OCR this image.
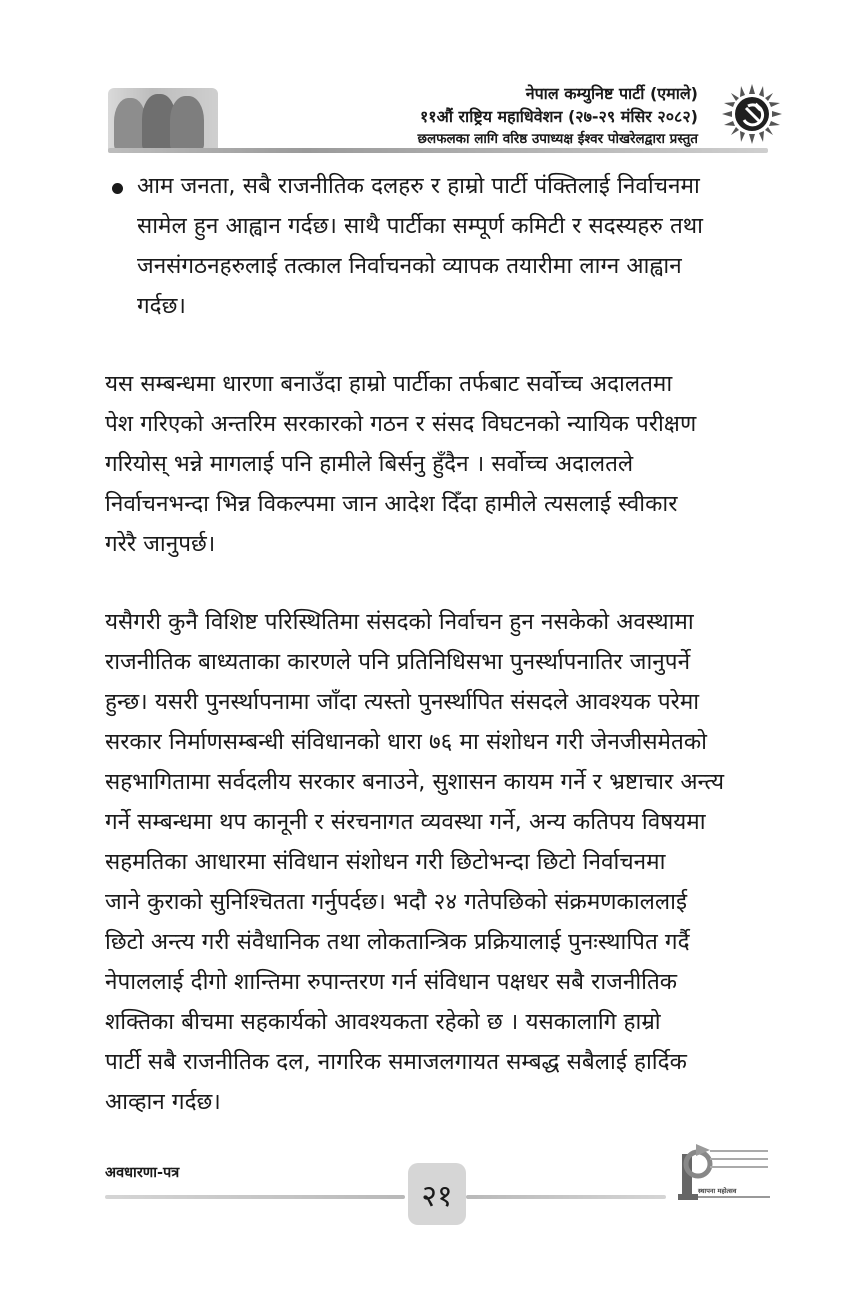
नेपाल कम्युनिष्ट पार्टी (एमाले)
११औं राष्ट्रिय महाधिवेशन (२७-२९ मंसिर २०८२)
छलफलका लागि वरिष्ठ उपाध्यक्ष ईश्वर पोखरेलद्वारा प्रस्तुत
आम जनता, सबै राजनीतिक दलहरु र हाम्रो पार्टी पंक्तिलाई निर्वाचनमा
सामेल हुन आह्वान गर्दछ। साथै पार्टीका सम्पूर्ण कमिटी र सदस्यहरु तथा
जनसंगठनहरुलाई तत्काल निर्वाचनको व्यापक तयारीमा लाग्न आह्वान
गर्दछ।
यस सम्बन्धमा धारणा बनाउँदा हाम्रो पार्टीका तर्फबाट सर्वोच्च अदालतमा
पेश गरिएको अन्तरिम सरकारको गठन र संसद विघटनको न्यायिक परीक्षण
गरियोस् भन्ने मागलाई पनि हामीले बिर्सनु हुँदैन । सर्वोच्च अदालतले
निर्वाचनभन्दा भिन्न विकल्पमा जान आदेश दिँदा हामीले त्यसलाई स्वीकार
गरेरै जानुपर्छ।
यसैगरी कुनै विशिष्ट परिस्थितिमा संसदको निर्वाचन हुन नसकेको अवस्थामा
राजनीतिक बाध्यताका कारणले पनि प्रतिनिधिसभा पुनर्स्थापनातिर जानुपर्ने
हुन्छ। यसरी पुनर्स्थापनामा जाँदा त्यस्तो पुनर्स्थापित संसदले आवश्यक परेमा
सरकार निर्माणसम्बन्धी संविधानको धारा ७६ मा संशोधन गरी जेनजीसमेतको
सहभागितामा सर्वदलीय सरकार बनाउने, सुशासन कायम गर्ने र भ्रष्टाचार अन्त्य
गर्ने सम्बन्धमा थप कानूनी र संरचनागत व्यवस्था गर्ने, अन्य कतिपय विषयमा
सहमतिका आधारमा संविधान संशोधन गरी छिटोभन्दा छिटो निर्वाचनमा
जाने कुराको सुनिश्चितता गर्नुपर्दछ। भदौ २४ गतेपछिको संक्रमणकाललाई
छिटो अन्त्य गरी संवैधानिक तथा लोकतान्त्रिक प्रक्रियालाई पुनःस्थापित गर्दै
नेपाललाई दीगो शान्तिमा रुपान्तरण गर्न संविधान पक्षधर सबै राजनीतिक
शक्तिका बीचमा सहकार्यको आवश्यकता रहेको छ । यसकालागि हाम्रो
पार्टी सबै राजनीतिक दल, नागरिक समाजलगायत सम्बद्ध सबैलाई हार्दिक
आव्हान गर्दछ।
अवधारणा-पत्र
२१	स्थापना महोत्सव
